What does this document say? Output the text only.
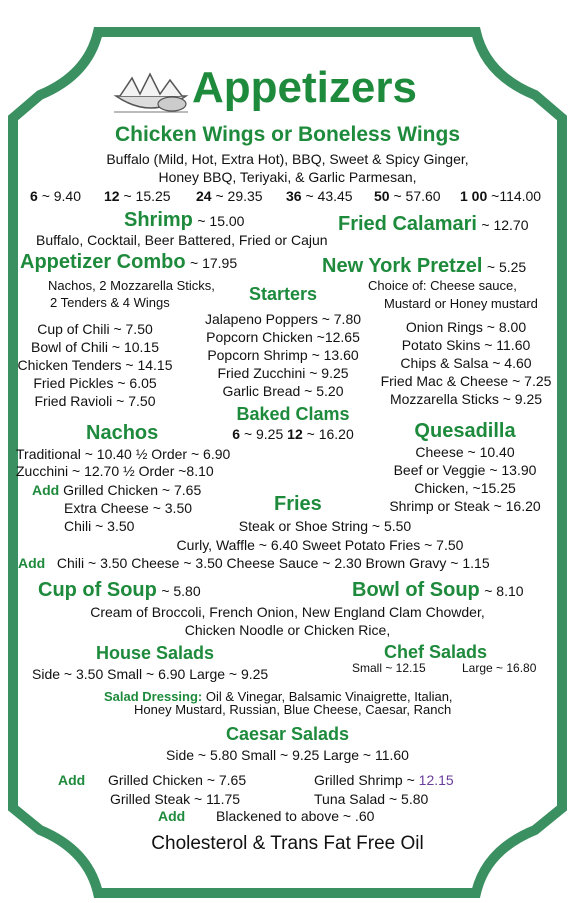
Appetizers
Chicken Wings or Boneless Wings
Buffalo (Mild, Hot, Extra Hot), BBQ, Sweet & Spicy Ginger,
Honey BBQ, Teriyaki, & Garlic Parmesan,
6 ~ 9.40 12 ~ 15.25 24 ~ 29.35 36 ~ 43.45 50 ~ 57.60 1 00 ~114.00
Shrimp ~ 15.00
Buffalo, Cocktail, Beer Battered, Fried or Cajun
Fried Calamari ~ 12.70
Appetizer Combo ~ 17.95
Nachos, 2 Mozzarella Sticks,
2 Tenders & 4 Wings
New York Pretzel ~ 5.25
Choice of: Cheese sauce,
Mustard or Honey mustard
Starters
Jalapeno Poppers ~ 7.80
Popcorn Chicken ~12.65
Popcorn Shrimp ~ 13.60
Fried Zucchini ~ 9.25
Garlic Bread ~ 5.20
Cup of Chili ~ 7.50
Bowl of Chili ~ 10.15
Chicken Tenders ~ 14.15
Fried Pickles ~ 6.05
Fried Ravioli ~ 7.50
Onion Rings ~ 8.00
Potato Skins ~ 11.60
Chips & Salsa ~ 4.60
Fried Mac & Cheese ~ 7.25
Mozzarella Sticks ~ 9.25
Baked Clams
6 ~ 9.25 12 ~ 16.20
Nachos
Traditional ~ 10.40 ½ Order ~ 6.90
Zucchini ~ 12.70 ½ Order ~8.10
Add Grilled Chicken ~ 7.65
Extra Cheese ~ 3.50
Chili ~ 3.50
Quesadilla
Cheese ~ 10.40
Beef or Veggie ~ 13.90
Chicken, ~15.25
Shrimp or Steak ~ 16.20
Fries
Steak or Shoe String ~ 5.50
Curly, Waffle ~ 6.40 Sweet Potato Fries ~ 7.50
Add Chili ~ 3.50 Cheese ~ 3.50 Cheese Sauce ~ 2.30 Brown Gravy ~ 1.15
Cup of Soup ~ 5.80	Bowl of Soup ~ 8.10
Cream of Broccoli, French Onion, New England Clam Chowder,
Chicken Noodle or Chicken Rice,
House Salads
Side ~ 3.50 Small ~ 6.90 Large ~ 9.25
Chef Salads
Small ~ 12.15	Large ~ 16.80
Salad Dressing: Oil & Vinegar, Balsamic Vinaigrette, Italian,
Honey Mustard, Russian, Blue Cheese, Caesar, Ranch
Caesar Salads
Side ~ 5.80 Small ~ 9.25 Large ~ 11.60
Add Grilled Chicken ~ 7.65	Grilled Shrimp ~ 12.15
Grilled Steak ~ 11.75	Tuna Salad ~ 5.80
Add Blackened to above ~ .60
Cholesterol & Trans Fat Free Oil
